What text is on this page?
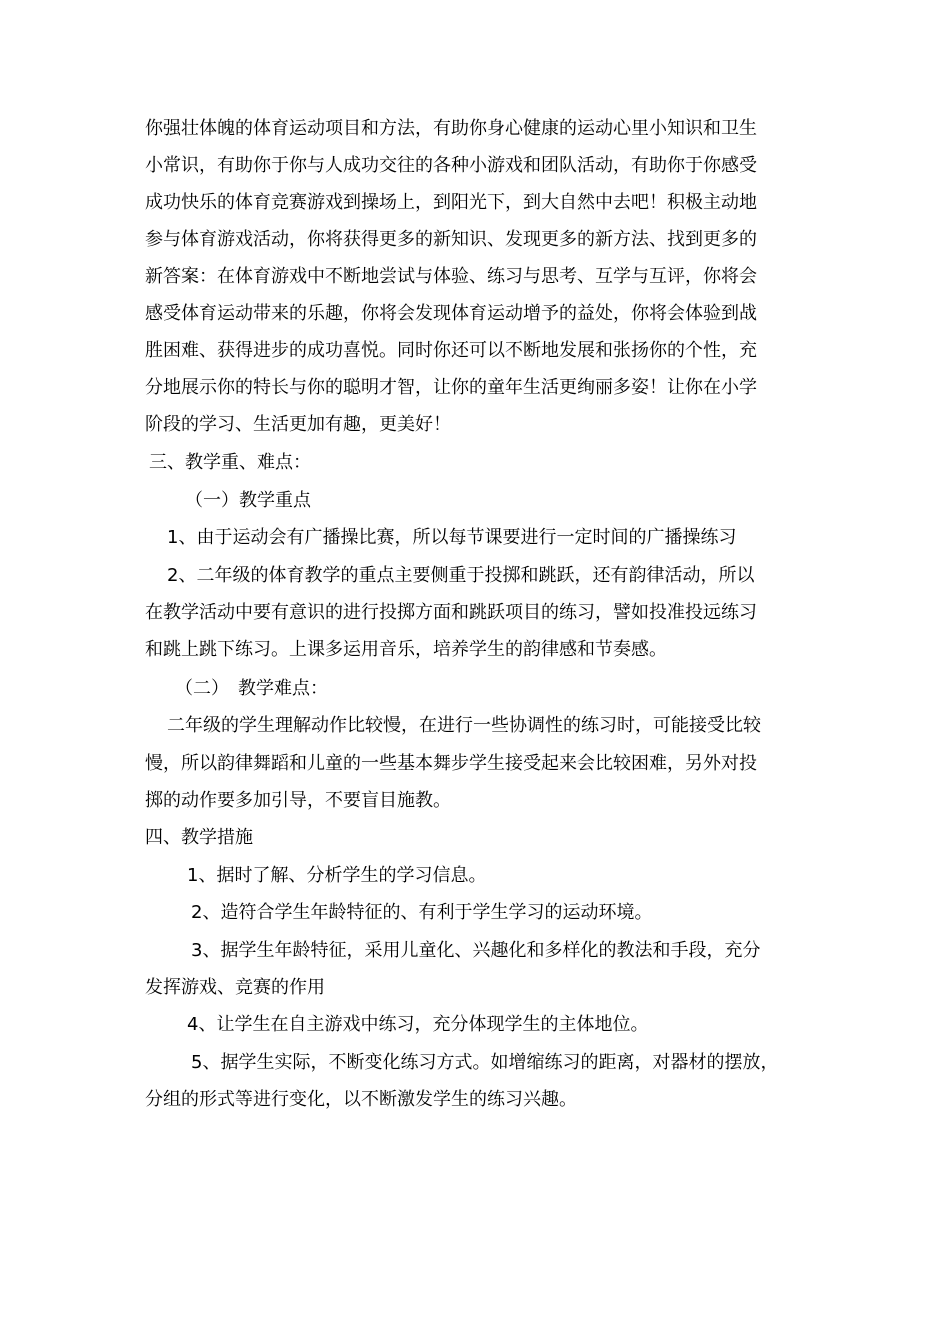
你强壮体魄的体育运动项目和方法，有助你身心健康的运动心里小知识和卫生
小常识，有助你于你与人成功交往的各种小游戏和团队活动，有助你于你感受
成功快乐的体育竞赛游戏到操场上，到阳光下，到大自然中去吧！积极主动地
参与体育游戏活动，你将获得更多的新知识、发现更多的新方法、找到更多的
新答案：在体育游戏中不断地尝试与体验、练习与思考、互学与互评，你将会
感受体育运动带来的乐趣，你将会发现体育运动增予的益处，你将会体验到战
胜困难、获得进步的成功喜悦。同时你还可以不断地发展和张扬你的个性，充
分地展示你的特长与你的聪明才智，让你的童年生活更绚丽多姿！让你在小学
阶段的学习、生活更加有趣，更美好！
三、教学重、难点：
（一）教学重点
1、由于运动会有广播操比赛，所以每节课要进行一定时间的广播操练习
2、二年级的体育教学的重点主要侧重于投掷和跳跃，还有韵律活动，所以
在教学活动中要有意识的进行投掷方面和跳跃项目的练习，譬如投准投远练习
和跳上跳下练习。上课多运用音乐，培养学生的韵律感和节奏感。
（二）　教学难点：
二年级的学生理解动作比较慢，在进行一些协调性的练习时，可能接受比较
慢，所以韵律舞蹈和儿童的一些基本舞步学生接受起来会比较困难，另外对投
掷的动作要多加引导，不要盲目施教。
四、教学措施
1、据时了解、分析学生的学习信息。
2、造符合学生年龄特征的、有利于学生学习的运动环境。
3、据学生年龄特征，采用儿童化、兴趣化和多样化的教法和手段，充分
发挥游戏、竞赛的作用
4、让学生在自主游戏中练习，充分体现学生的主体地位。
5、据学生实际，不断变化练习方式。如增缩练习的距离，对器材的摆放，
分组的形式等进行变化，以不断激发学生的练习兴趣。
